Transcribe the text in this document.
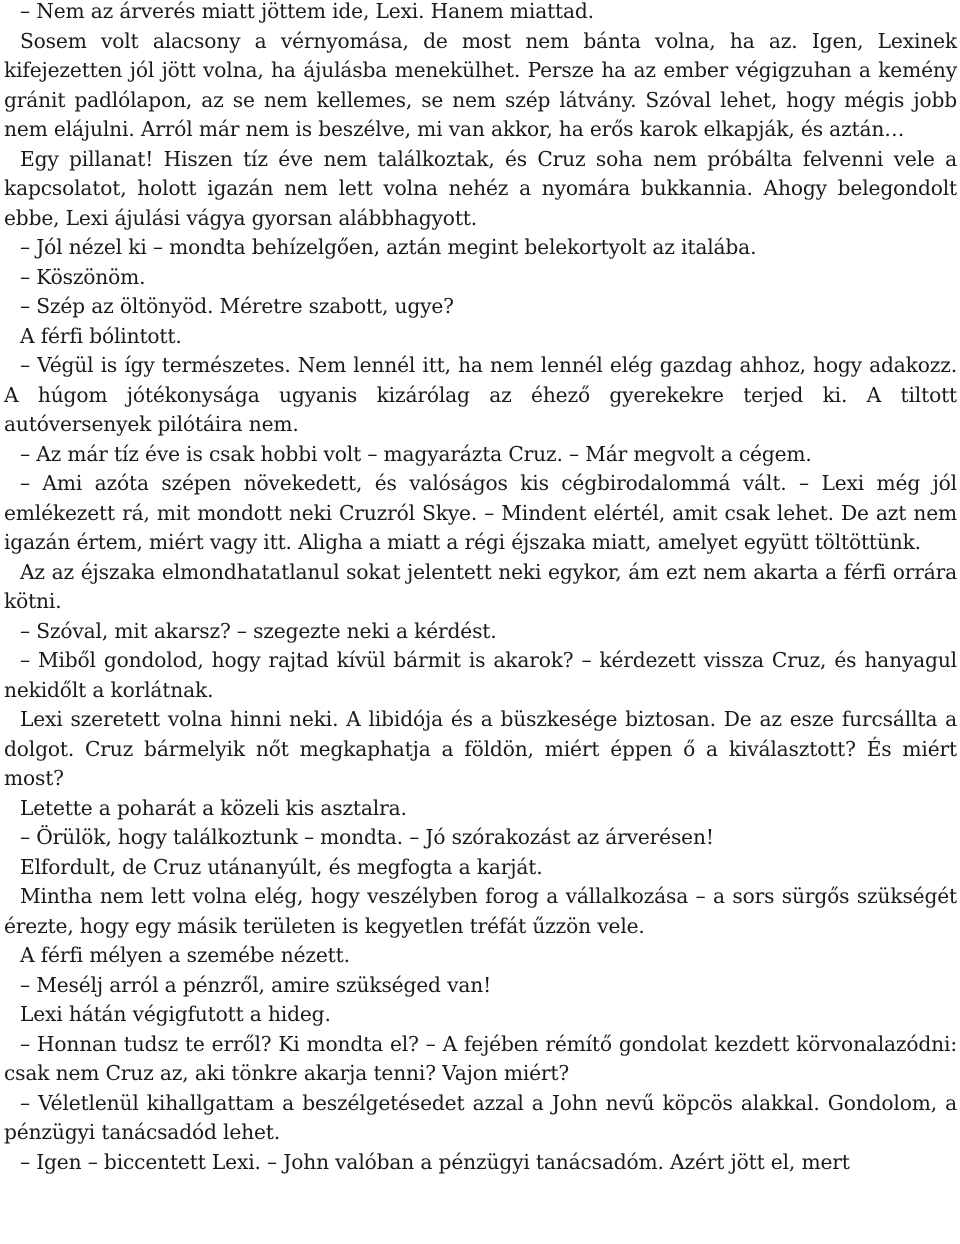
– Nem az árverés miatt jöttem ide, Lexi. Hanem miattad.

Sosem volt alacsony a vérnyomása, de most nem bánta volna, ha az. Igen, Lexinek kifejezetten jól jött volna, ha ájulásba menekülhet. Persze ha az ember végigzuhan a kemény gránit padlólapon, az se nem kellemes, se nem szép látvány. Szóval lehet, hogy mégis jobb nem elájulni. Arról már nem is beszélve, mi van akkor, ha erős karok elkapják, és aztán…

Egy pillanat! Hiszen tíz éve nem találkoztak, és Cruz soha nem próbálta felvenni vele a kapcsolatot, holott igazán nem lett volna nehéz a nyomára bukkannia. Ahogy belegondolt ebbe, Lexi ájulási vágya gyorsan alábbhagyott.

– Jól nézel ki – mondta behízelgően, aztán megint belekortyolt az italába.

– Köszönöm.

– Szép az öltönyöd. Méretre szabott, ugye?

A férfi bólintott.

– Végül is így természetes. Nem lennél itt, ha nem lennél elég gazdag ahhoz, hogy adakozz. A húgom jótékonysága ugyanis kizárólag az éhező gyerekekre terjed ki. A tiltott autóversenyek pilótáira nem.

– Az már tíz éve is csak hobbi volt – magyarázta Cruz. – Már megvolt a cégem.

– Ami azóta szépen növekedett, és valóságos kis cégbirodalommá vált. – Lexi még jól emlékezett rá, mit mondott neki Cruzról Skye. – Mindent elértél, amit csak lehet. De azt nem igazán értem, miért vagy itt. Aligha a miatt a régi éjszaka miatt, amelyet együtt töltöttünk.

Az az éjszaka elmondhatatlanul sokat jelentett neki egykor, ám ezt nem akarta a férfi orrára kötni.

– Szóval, mit akarsz? – szegezte neki a kérdést.

– Miből gondolod, hogy rajtad kívül bármit is akarok? – kérdezett vissza Cruz, és hanyagul nekidőlt a korlátnak.

Lexi szeretett volna hinni neki. A libidója és a büszkesége biztosan. De az esze furcsállta a dolgot. Cruz bármelyik nőt megkaphatja a földön, miért éppen ő a kiválasztott? És miért most?

Letette a poharát a közeli kis asztalra.

– Örülök, hogy találkoztunk – mondta. – Jó szórakozást az árverésen!

Elfordult, de Cruz utánanyúlt, és megfogta a karját.

Mintha nem lett volna elég, hogy veszélyben forog a vállalkozása – a sors sürgős szükségét érezte, hogy egy másik területen is kegyetlen tréfát űzzön vele.

A férfi mélyen a szemébe nézett.

– Mesélj arról a pénzről, amire szükséged van!

Lexi hátán végigfutott a hideg.

– Honnan tudsz te erről? Ki mondta el? – A fejében rémítő gondolat kezdett körvonalazódni: csak nem Cruz az, aki tönkre akarja tenni? Vajon miért?

– Véletlenül kihallgattam a beszélgetésedet azzal a John nevű köpcös alakkal. Gondolom, a pénzügyi tanácsadód lehet.

– Igen – biccentett Lexi. – John valóban a pénzügyi tanácsadóm. Azért jött el, mert
